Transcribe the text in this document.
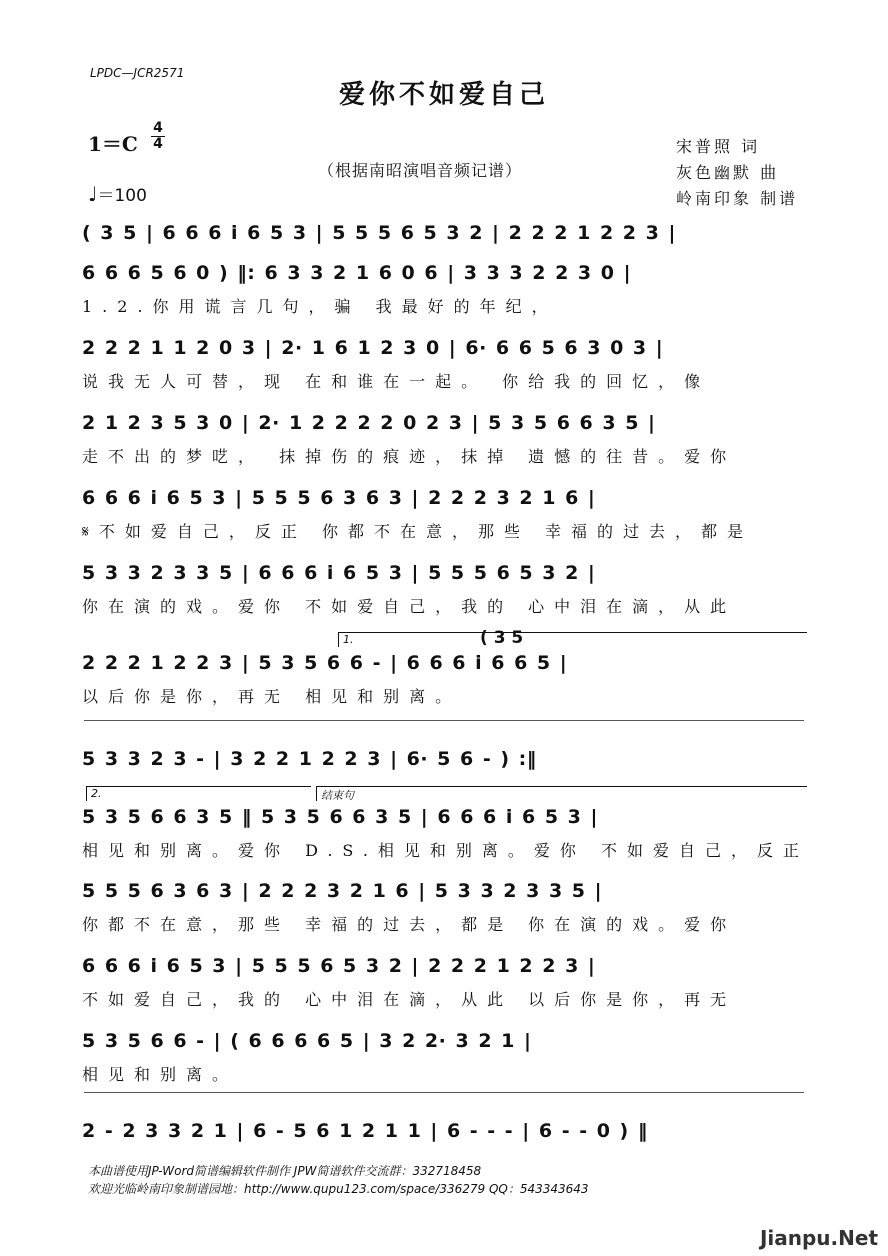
LPDC—JCR2571
爱你不如爱自己
1＝C
4
4
（根据南昭演唱音频记谱）
宋普照 词
灰色幽默 曲
岭南印象 制谱
♩＝100
( 3 5 | 6 6 6 i 6 5 3 | 5 5 5 6 5 3 2 | 2 2 2 1 2 2 3 |
6 6 6 5 6 0 ) ‖: 6 3 3 2 1 6 0 6 | 3 3 3 2 2 3 0 |
1.2.你用谎言几句，骗 我最好的年纪，
2 2 2 1 1 2 0 3 | 2· 1 6 1 2 3 0 | 6· 6 6 5 6 3 0 3 |
说我无人可替，现 在和谁在一起。 你给我的回忆，像
2 1 2 3 5 3 0 | 2· 1 2 2 2 2 0 2 3 | 5 3 5 6 6 3 5 |
走不出的梦呓， 抹掉伤的痕迹，抹掉 遗憾的往昔。爱你
6 6 6 i 6 5 3 | 5 5 5 6 3 6 3 | 2 2 2 3 2 1 6 |
𝄋不如爱自己，反正 你都不在意，那些 幸福的过去，都是
5 3 3 2 3 3 5 | 6 6 6 i 6 5 3 | 5 5 5 6 5 3 2 |
你在演的戏。爱你 不如爱自己，我的 心中泪在滴，从此
1.	( 3 5
2 2 2 1 2 2 3 | 5 3 5 6 6 - | 6 6 6 i 6 6 5 |
以后你是你，再无 相见和别离。
5 3 3 2 3 - | 3 2 2 1 2 2 3 | 6· 5 6 - ) :‖
2.	结束句
5 3 5 6 6 3 5 ‖ 5 3 5 6 6 3 5 | 6 6 6 i 6 5 3 |
相见和别离。爱你 D.S.相见和别离。爱你 不如爱自己，反正
5 5 5 6 3 6 3 | 2 2 2 3 2 1 6 | 5 3 3 2 3 3 5 |
你都不在意，那些 幸福的过去，都是 你在演的戏。爱你
6 6 6 i 6 5 3 | 5 5 5 6 5 3 2 | 2 2 2 1 2 2 3 |
不如爱自己，我的 心中泪在滴，从此 以后你是你，再无
5 3 5 6 6 - | ( 6 6 6 6 5 | 3 2 2· 3 2 1 |
相见和别离。
2 - 2 3 3 2 1 | 6 - 5 6 1 2 1 1 | 6 - - - | 6 - - 0 ) ‖
本曲谱使用JP-Word简谱编辑软件制作 JPW简谱软件交流群：332718458
欢迎光临岭南印象制谱园地：http://www.qupu123.com/space/336279 QQ：543343643
Jianpu.Net
